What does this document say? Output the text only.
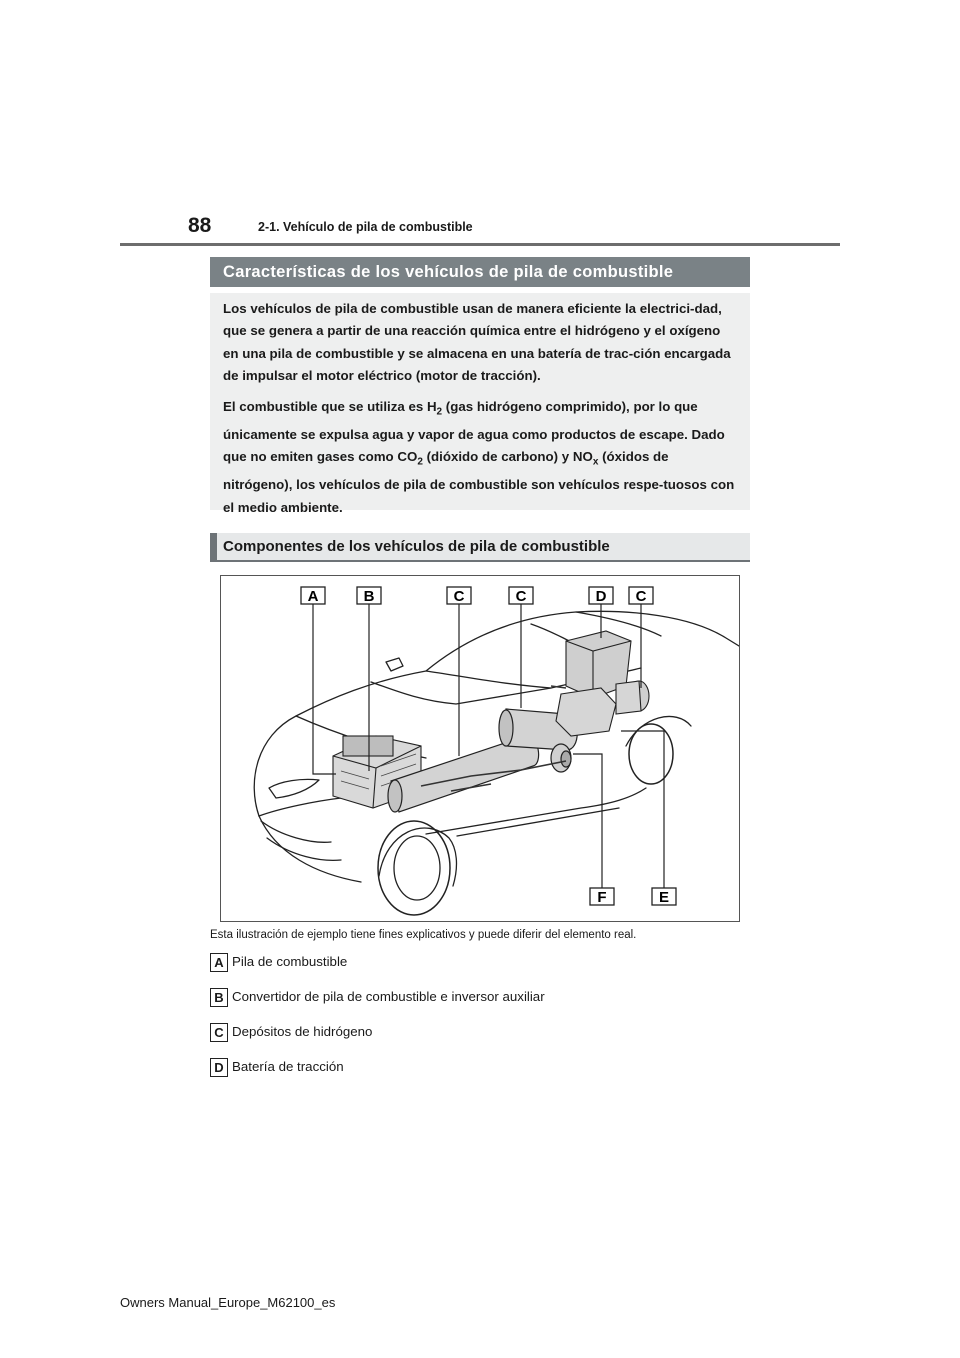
88	2-1. Vehículo de pila de combustible
Características de los vehículos de pila de combustible

Los vehículos de pila de combustible usan de manera eficiente la electrici-dad, que se genera a partir de una reacción química entre el hidrógeno y el oxígeno en una pila de combustible y se almacena en una batería de trac-ción encargada de impulsar el motor eléctrico (motor de tracción).

El combustible que se utiliza es $H_2$ (gas hidrógeno comprimido), por lo que únicamente se expulsa agua y vapor de agua como productos de escape. Dado que no emiten gases como $CO_2$ (dióxido de carbono) y $NO_x$ (óxidos de nitrógeno), los vehículos de pila de combustible son vehículos respe-tuosos con el medio ambiente.

Componentes de los vehículos de pila de combustible
A	B	C	C	D C
F	E
Esta ilustración de ejemplo tiene fines explicativos y puede diferir del elemento real.
A Pila de combustible
B Convertidor de pila de combustible e inversor auxiliar
C Depósitos de hidrógeno
D Batería de tracción
Owners Manual_Europe_M62100_es
